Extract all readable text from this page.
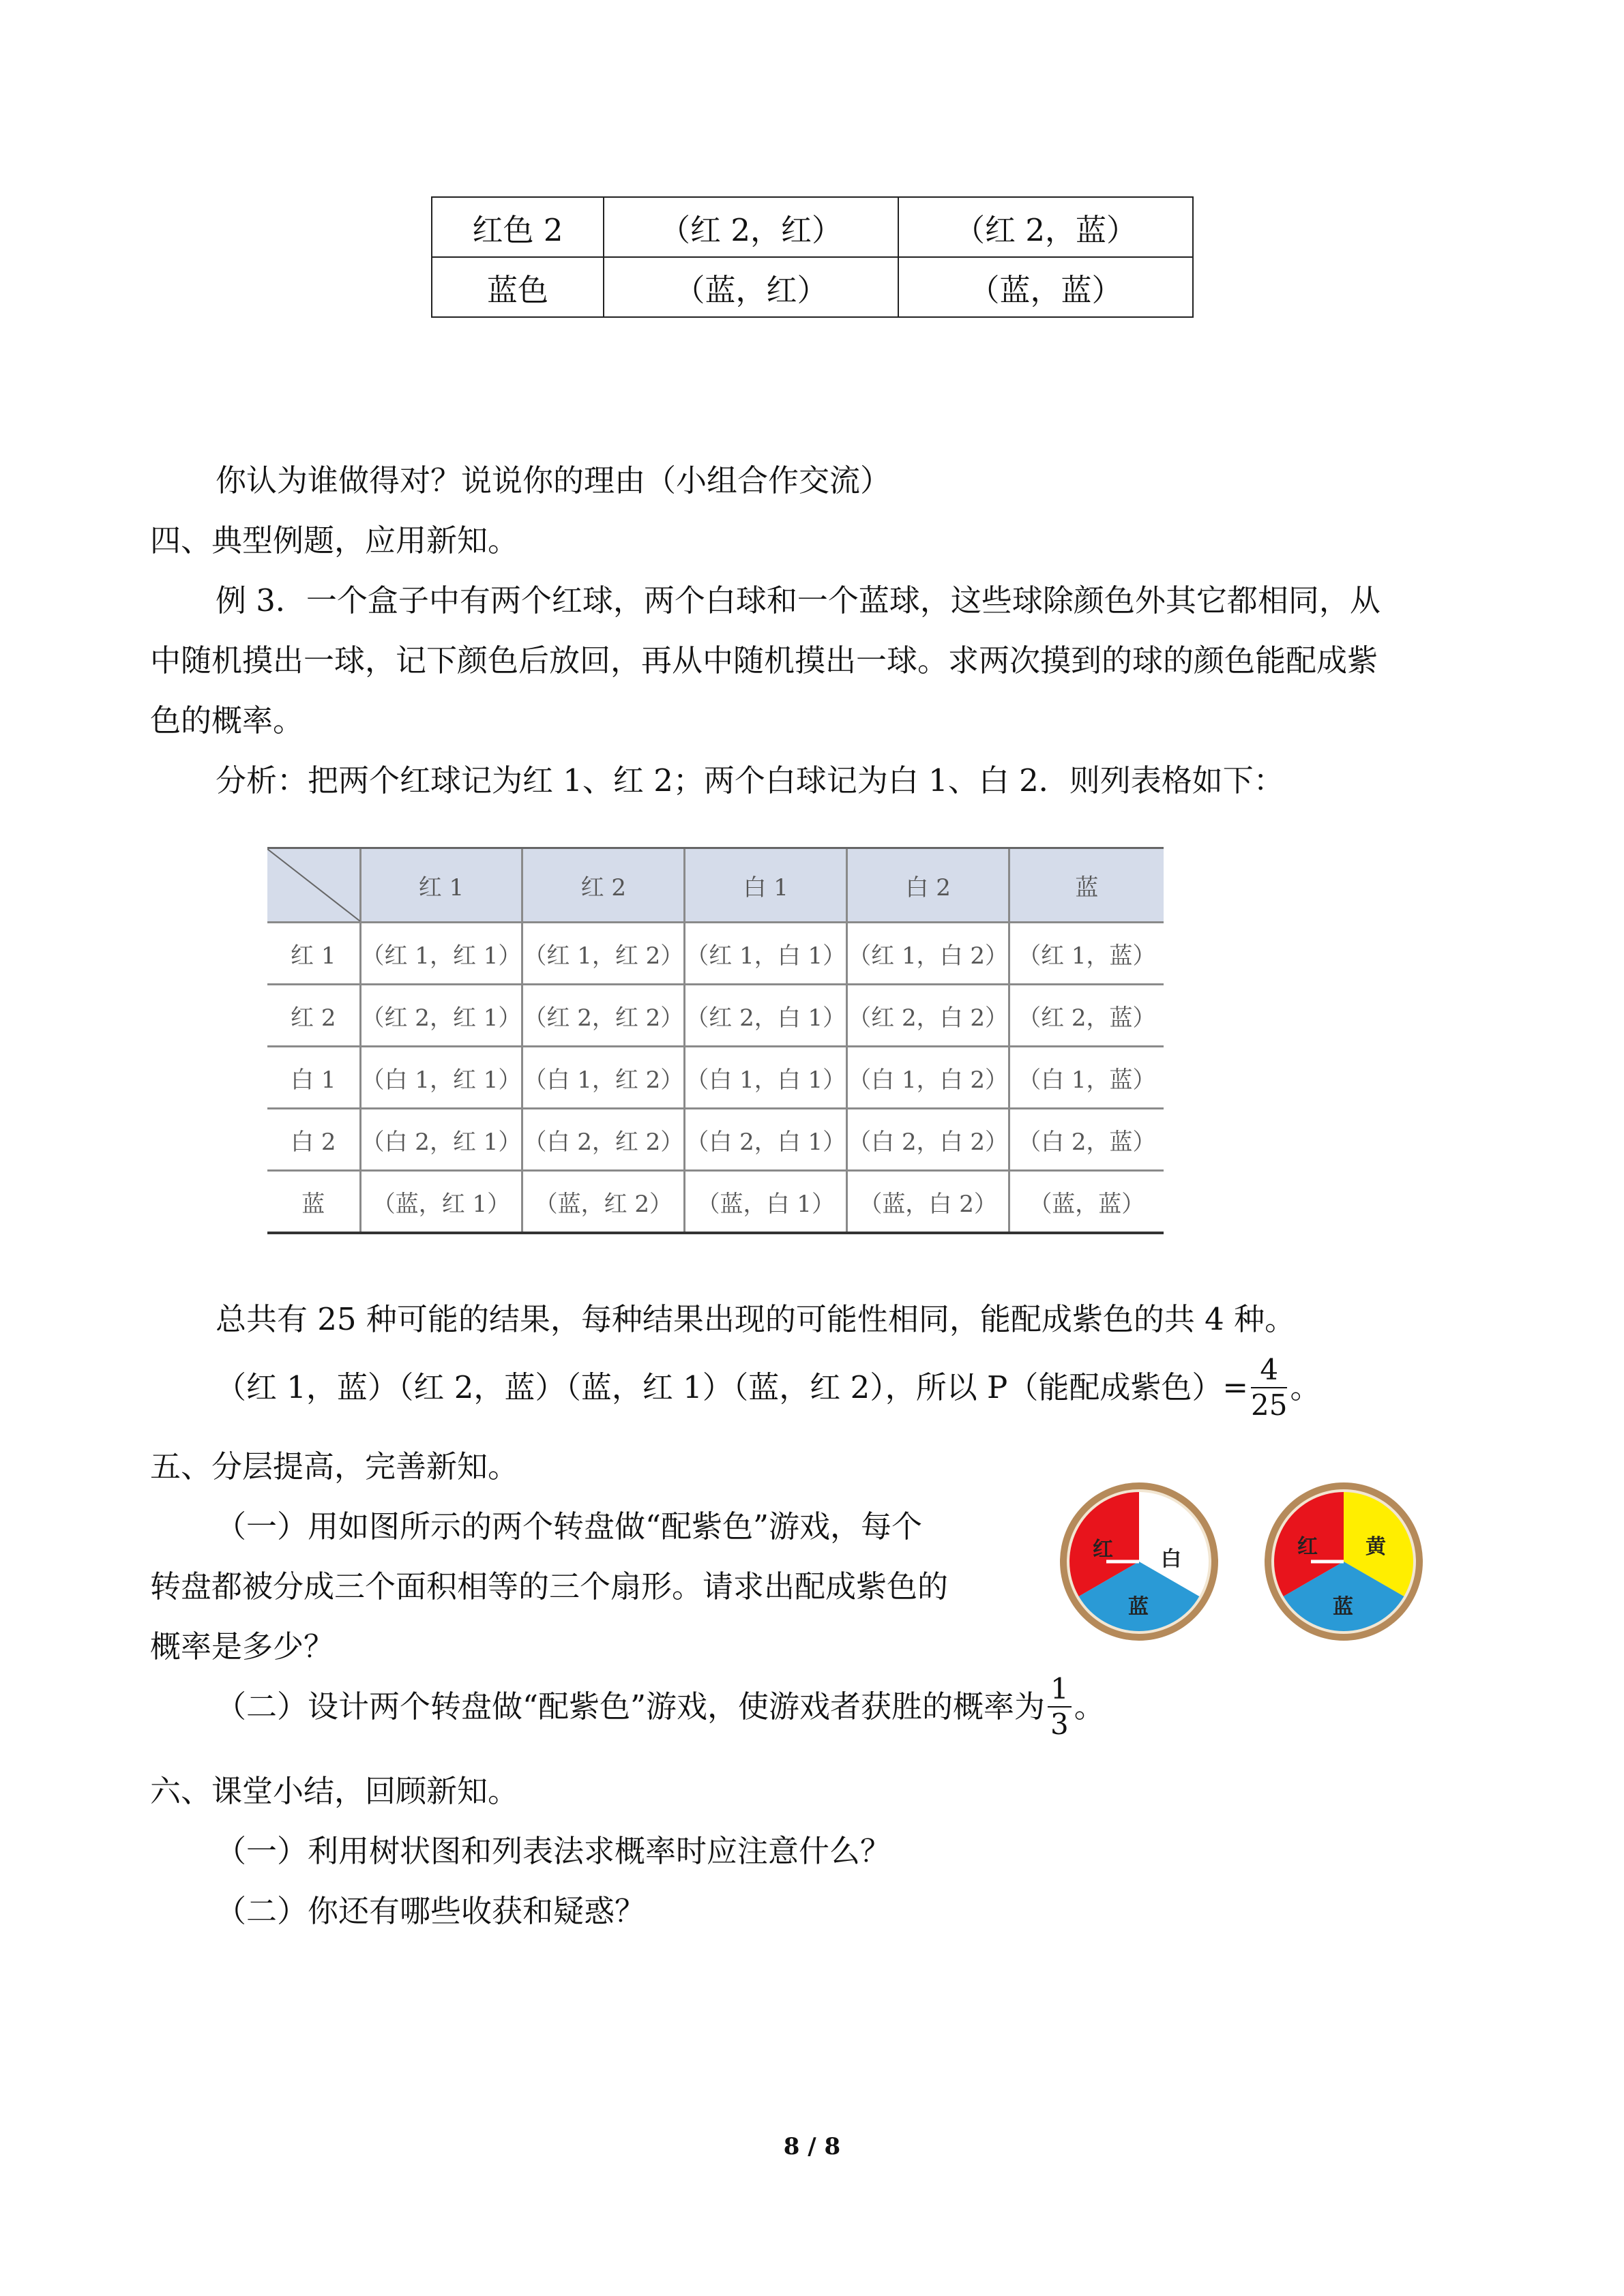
红色 2	（红 2，红）	（红 2，蓝）
蓝色	（蓝，红）	（蓝，蓝）
你认为谁做得对？说说你的理由（小组合作交流）
四、典型例题，应用新知。
例 3．一个盒子中有两个红球，两个白球和一个蓝球，这些球除颜色外其它都相同，从
中随机摸出一球，记下颜色后放回，再从中随机摸出一球。求两次摸到的球的颜色能配成紫
色的概率。
分析：把两个红球记为红 1、红 2；两个白球记为白 1、白 2．则列表格如下：
	红 1	红 2	白 1	白 2	蓝
红 1	（红 1，红 1）	（红 1，红 2）	（红 1，白 1）	（红 1，白 2）	（红 1，蓝）
红 2	（红 2，红 1）	（红 2，红 2）	（红 2，白 1）	（红 2，白 2）	（红 2，蓝）
白 1	（白 1，红 1）	（白 1，红 2）	（白 1，白 1）	（白 1，白 2）	（白 1，蓝）
白 2	（白 2，红 1）	（白 2，红 2）	（白 2，白 1）	（白 2，白 2）	（白 2，蓝）
蓝	（蓝，红 1）	（蓝，红 2）	（蓝，白 1）	（蓝，白 2）	（蓝，蓝）
总共有 25 种可能的结果，每种结果出现的可能性相同，能配成紫色的共 4 种。
（红 1，蓝）（红 2，蓝）（蓝，红 1）（蓝，红 2），所以 P（能配成紫色）= $\frac{4}{25}$ 。
五、分层提高，完善新知。
（一）用如图所示的两个转盘做“配紫色”游戏，每个
转盘都被分成三个面积相等的三个扇形。请求出配成紫色的
概率是多少？
（二）设计两个转盘做“配紫色”游戏，使游戏者获胜的概率为 $\frac{1}{3}$ 。
六、课堂小结，回顾新知。
（一）利用树状图和列表法求概率时应注意什么？
（二）你还有哪些收获和疑惑？
红 白
蓝
红 黄
蓝
8 / 8
